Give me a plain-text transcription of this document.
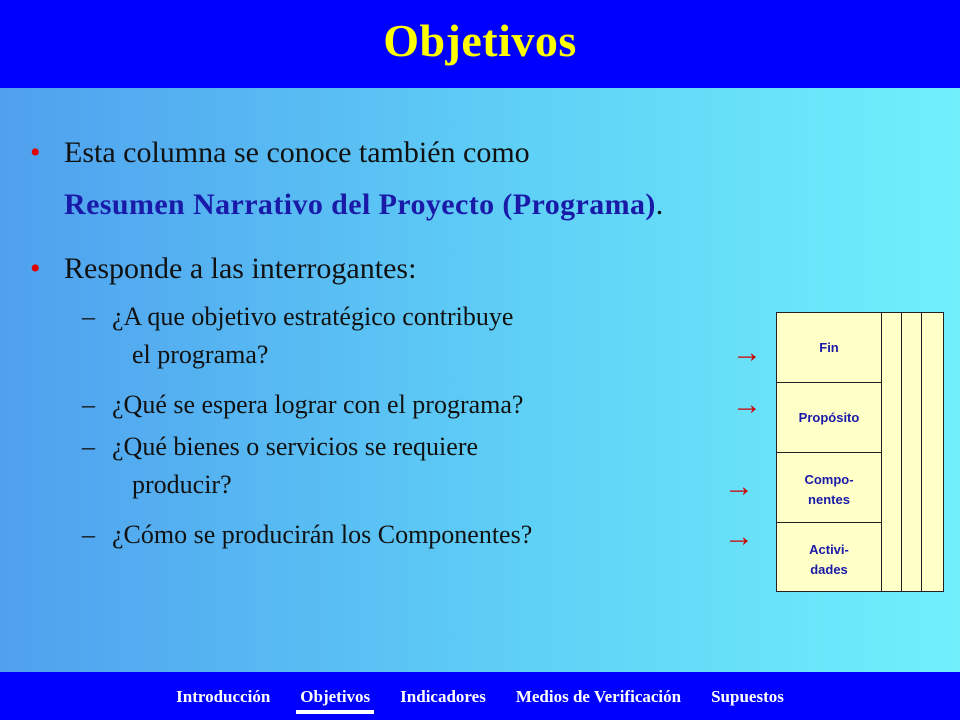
Objetivos
• Esta columna se conoce también como
Resumen Narrativo del Proyecto (Programa).
• Responde a las interrogantes:
– ¿A que objetivo estratégico contribuye
el programa?
– ¿Qué se espera lograr con el programa?
– ¿Qué bienes o servicios se requiere
producir?
– ¿Cómo se producirán los Componentes?
→
→
→
→
Fin
Propósito
Compo-
nentes
Activi-
dades
Introducción Objetivos Indicadores Medios de Verificación Supuestos
